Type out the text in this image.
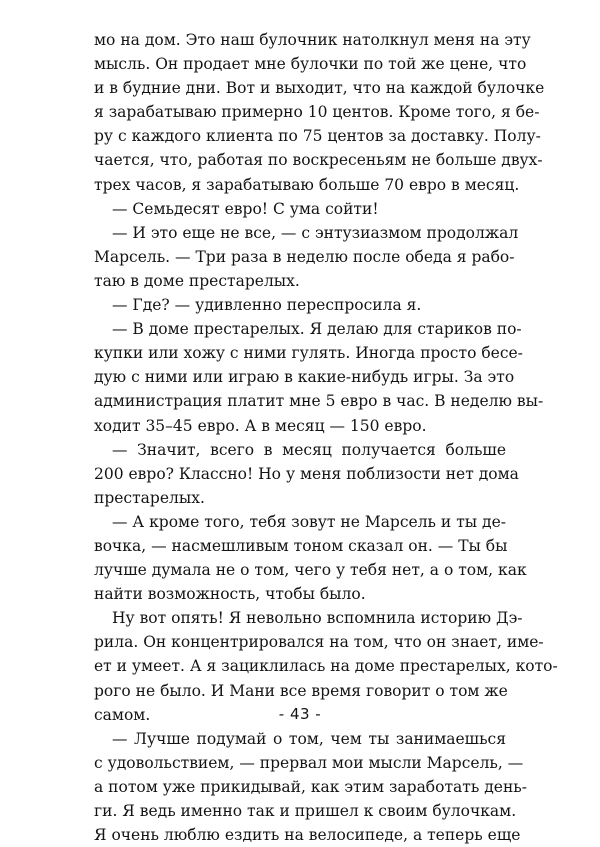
мо на дом. Это наш булочник натолкнул меня на эту
мысль. Он продает мне булочки по той же цене, что
и в будние дни. Вот и выходит, что на каждой булочке
я зарабатываю примерно 10 центов. Кроме того, я бе-
ру с каждого клиента по 75 центов за доставку. Полу-
чается, что, работая по воскресеньям не больше двух-
трех часов, я зарабатываю больше 70 евро в месяц.
— Семьдесят евро! С ума сойти!
— И это еще не все, — с энтузиазмом продолжал
Марсель. — Три раза в неделю после обеда я рабо-
таю в доме престарелых.
— Где? — удивленно переспросила я.
— В доме престарелых. Я делаю для стариков по-
купки или хожу с ними гулять. Иногда просто бесе-
дую с ними или играю в какие-нибудь игры. За это
администрация платит мне 5 евро в час. В неделю вы-
ходит 35–45 евро. А в месяц — 150 евро.
— Значит, всего в месяц получается больше
200 евро? Классно! Но у меня поблизости нет дома
престарелых.
— А кроме того, тебя зовут не Марсель и ты де-
вочка, — насмешливым тоном сказал он. — Ты бы
лучше думала не о том, чего у тебя нет, а о том, как
найти возможность, чтобы было.
Ну вот опять! Я невольно вспомнила историю Дэ-
рила. Он концентрировался на том, что он знает, име-
ет и умеет. А я зациклилась на доме престарелых, кото-
рого не было. И Мани все время говорит о том же
самом.
— Лучше подумай о том, чем ты занимаешься
с удовольствием, — прервал мои мысли Марсель, —
а потом уже прикидывай, как этим заработать день-
ги. Я ведь именно так и пришел к своим булочкам.
Я очень люблю ездить на велосипеде, а теперь еще
- 43 -
